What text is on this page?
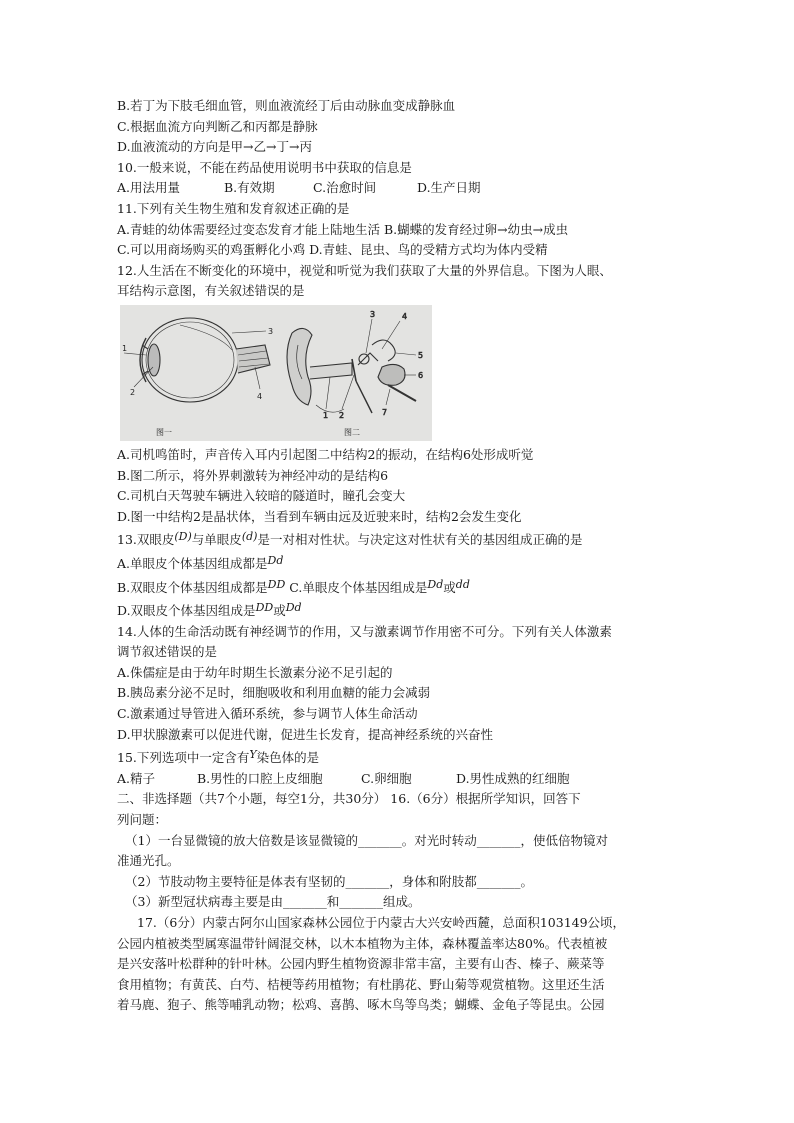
B.若丁为下肢毛细血管，则血液流经丁后由动脉血变成静脉血
C.根据血流方向判断乙和丙都是静脉
D.血液流动的方向是甲→乙→丁→丙
10.一般来说，不能在药品使用说明书中获取的信息是
A.用法用量	B.有效期	C.治愈时间	D.生产日期
11.下列有关生物生殖和发育叙述正确的是
A.青蛙的幼体需要经过变态发育才能上陆地生活 B.蝴蝶的发育经过卵→幼虫→成虫
C.可以用商场购买的鸡蛋孵化小鸡 D.青蛙、昆虫、鸟的受精方式均为体内受精
12.人生活在不断变化的环境中，视觉和听觉为我们获取了大量的外界信息。下图为人眼、
耳结构示意图，有关叙述错误的是
1
2
3
4
1 2
3	4
5
6
7
图一	图二
A.司机鸣笛时，声音传入耳内引起图二中结构2的振动，在结构6处形成听觉
B.图二所示，将外界刺激转为神经冲动的是结构6
C.司机白天驾驶车辆进入较暗的隧道时，瞳孔会变大
D.图一中结构2是晶状体，当看到车辆由远及近驶来时，结构2会发生变化
13.双眼皮(D)与单眼皮(d)是一对相对性状。与决定这对性状有关的基因组成正确的是
A.单眼皮个体基因组成都是Dd
B.双眼皮个体基因组成都是DD C.单眼皮个体基因组成是Dd或dd
D.双眼皮个体基因组成是DD或Dd
14.人体的生命活动既有神经调节的作用，又与激素调节作用密不可分。下列有关人体激素
调节叙述错误的是
A.侏儒症是由于幼年时期生长激素分泌不足引起的
B.胰岛素分泌不足时，细胞吸收和利用血糖的能力会减弱
C.激素通过导管进入循环系统，参与调节人体生命活动
D.甲状腺激素可以促进代谢，促进生长发育，提高神经系统的兴奋性
15.下列选项中一定含有Y染色体的是
A.精子	B.男性的口腔上皮细胞	C.卵细胞	D.男性成熟的红细胞
二、非选择题（共7个小题，每空1分，共30分） 16.（6分）根据所学知识，回答下
列问题：
（1）一台显微镜的放大倍数是该显微镜的_______。对光时转动_______，使低倍物镜对
准通光孔。
（2）节肢动物主要特征是体表有坚韧的_______，身体和附肢都_______。
（3）新型冠状病毒主要是由_______和_______组成。
17.（6分）内蒙古阿尔山国家森林公园位于内蒙古大兴安岭西麓，总面积103149公顷，
公园内植被类型属寒温带针阔混交林，以木本植物为主体，森林覆盖率达80%。代表植被
是兴安落叶松群种的针叶林。公园内野生植物资源非常丰富，主要有山杏、榛子、蕨菜等
食用植物；有黄芪、白芍、桔梗等药用植物；有杜鹃花、野山菊等观赏植物。这里还生活
着马鹿、狍子、熊等哺乳动物；松鸡、喜鹊、啄木鸟等鸟类；蝴蝶、金龟子等昆虫。公园
